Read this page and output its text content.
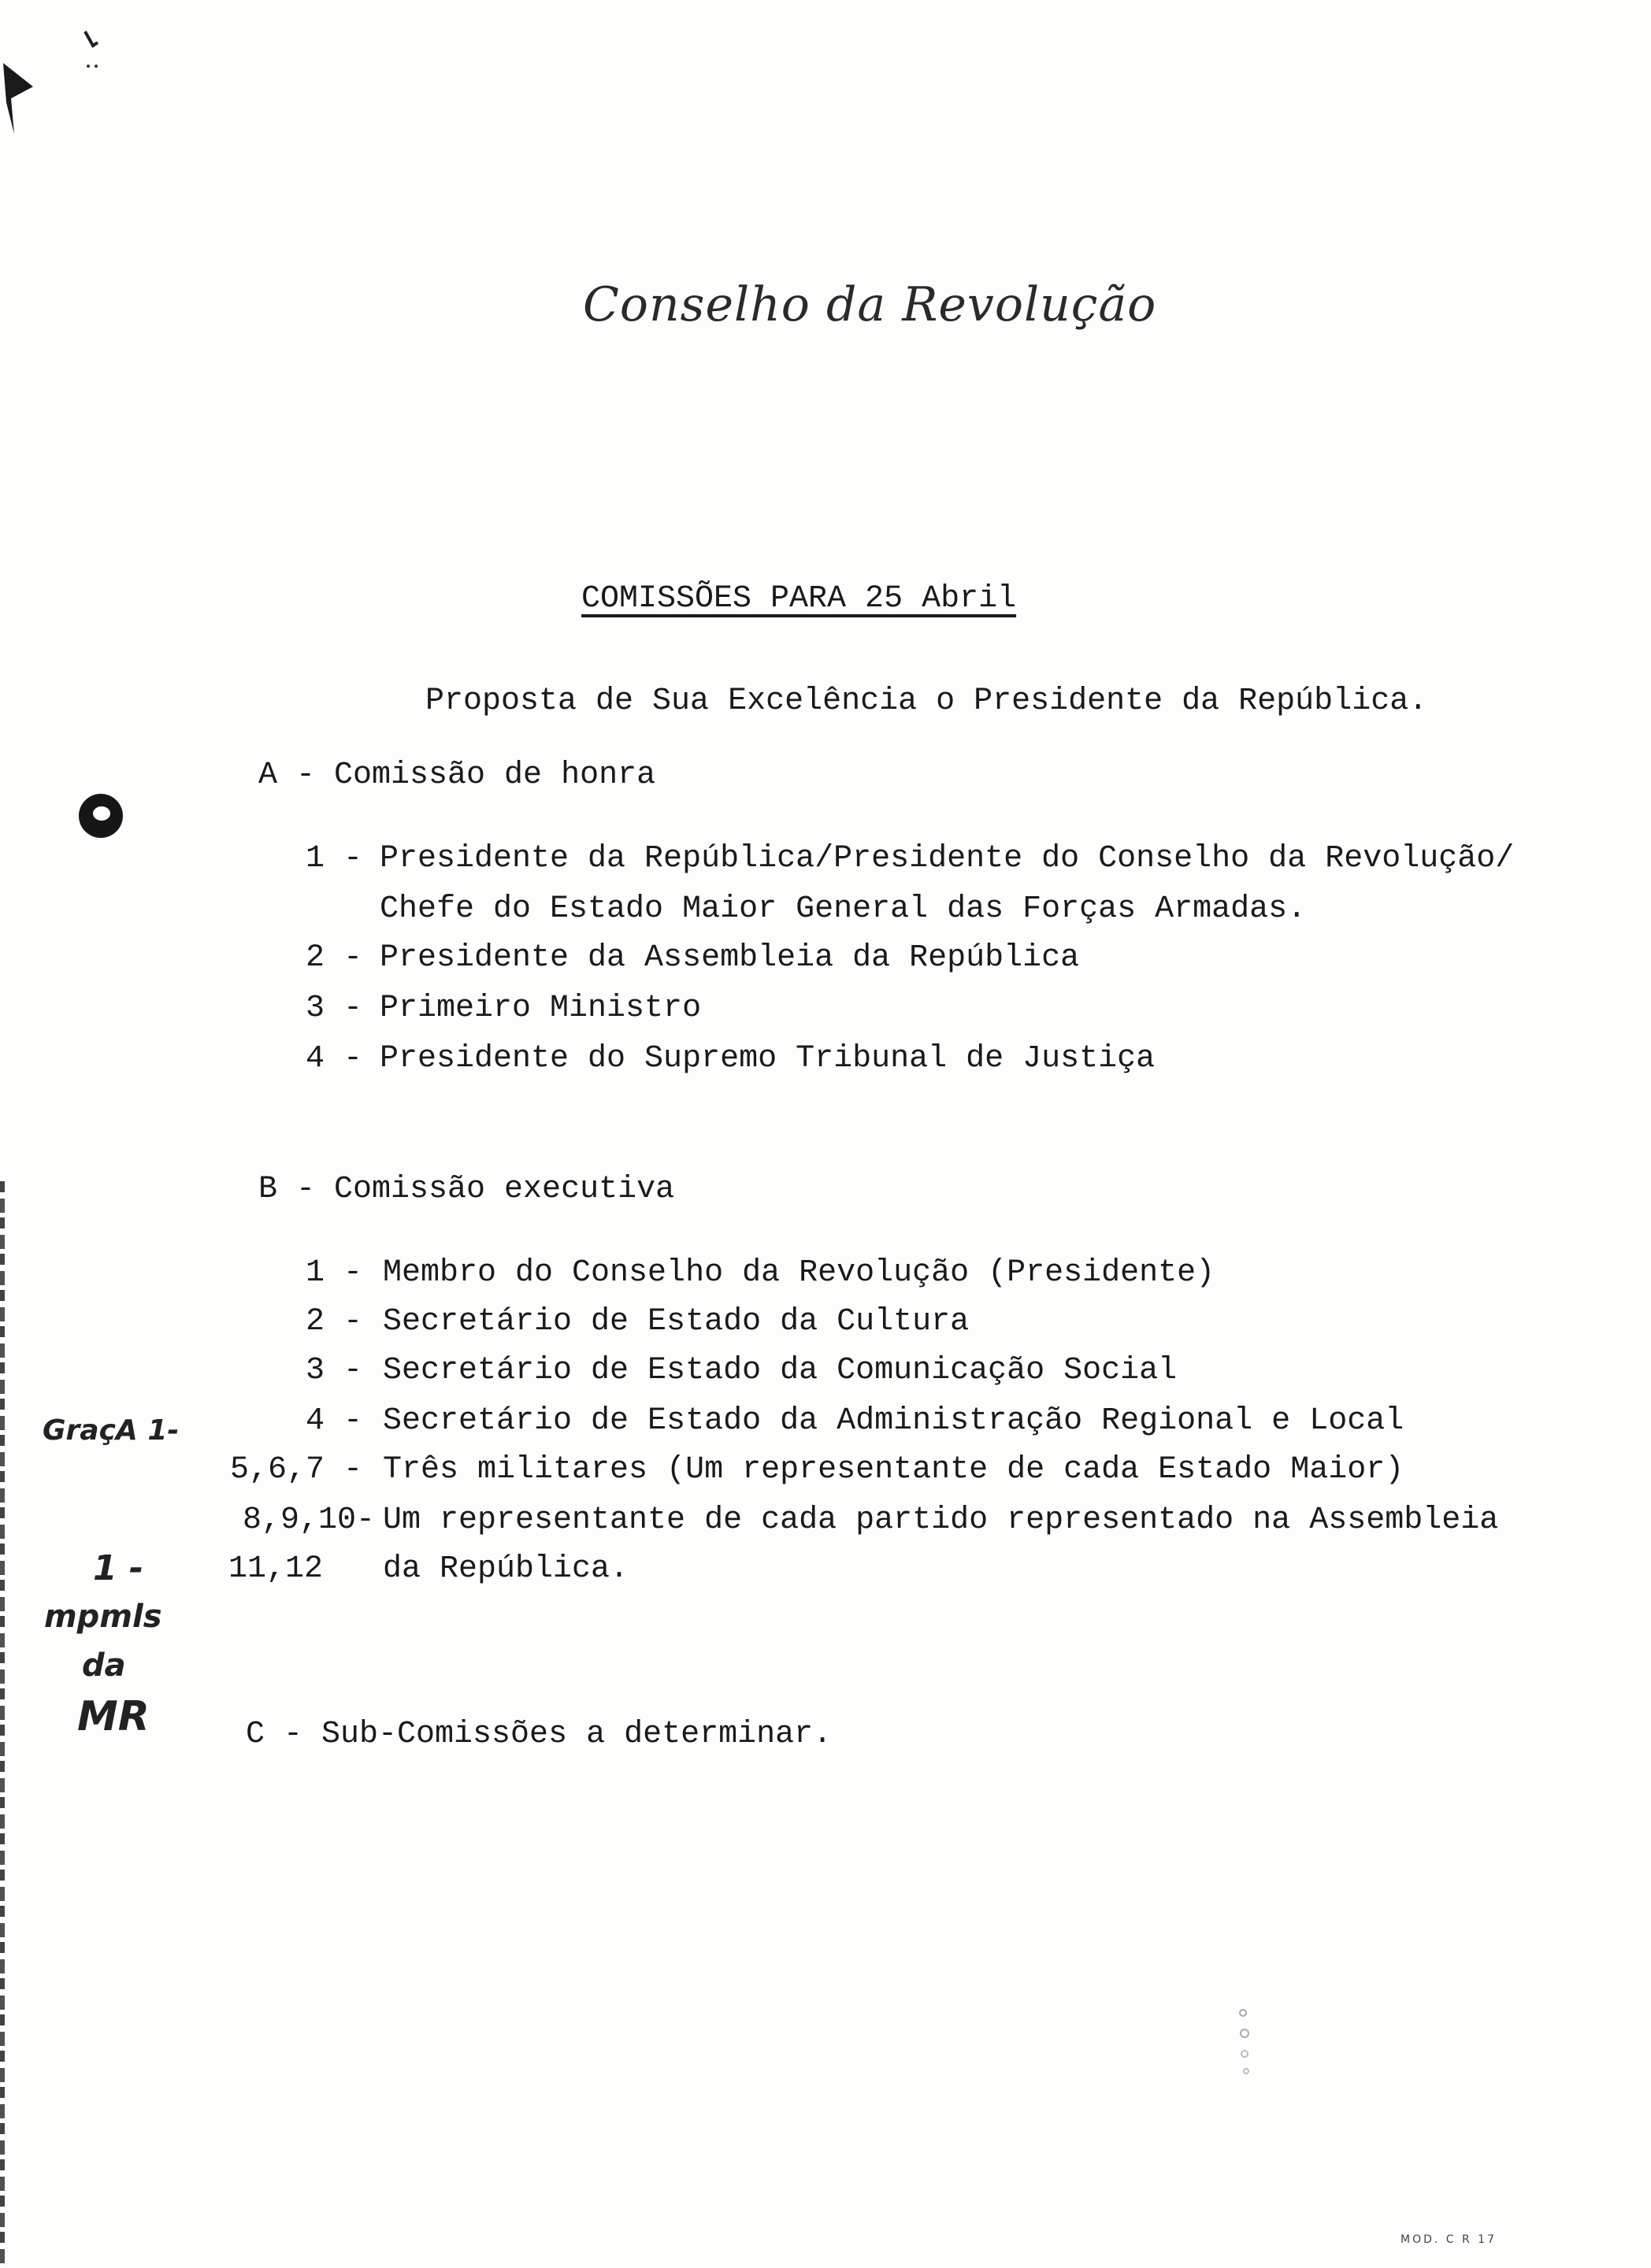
Conselho da Revolução
COMISSÕES PARA 25 Abril
Proposta de Sua Excelência o Presidente da República.
A - Comissão de honra
1 - Presidente da República/Presidente do Conselho da Revolução/
Chefe do Estado Maior General das Forças Armadas.
2 - Presidente da Assembleia da República
3 - Primeiro Ministro
4 - Presidente do Supremo Tribunal de Justiça
B - Comissão executiva
1 - Membro do Conselho da Revolução (Presidente)
2 - Secretário de Estado da Cultura
3 - Secretário de Estado da Comunicação Social
4 - Secretário de Estado da Administração Regional e Local
5,6,7 - Três militares (Um representante de cada Estado Maior)
8,9,10- Um representante de cada partido representado na Assembleia
11,12 da República.
C - Sub-Comissões a determinar.
GraçA 1-
1 -
mpmls
da
MR
MOD. C R 17
